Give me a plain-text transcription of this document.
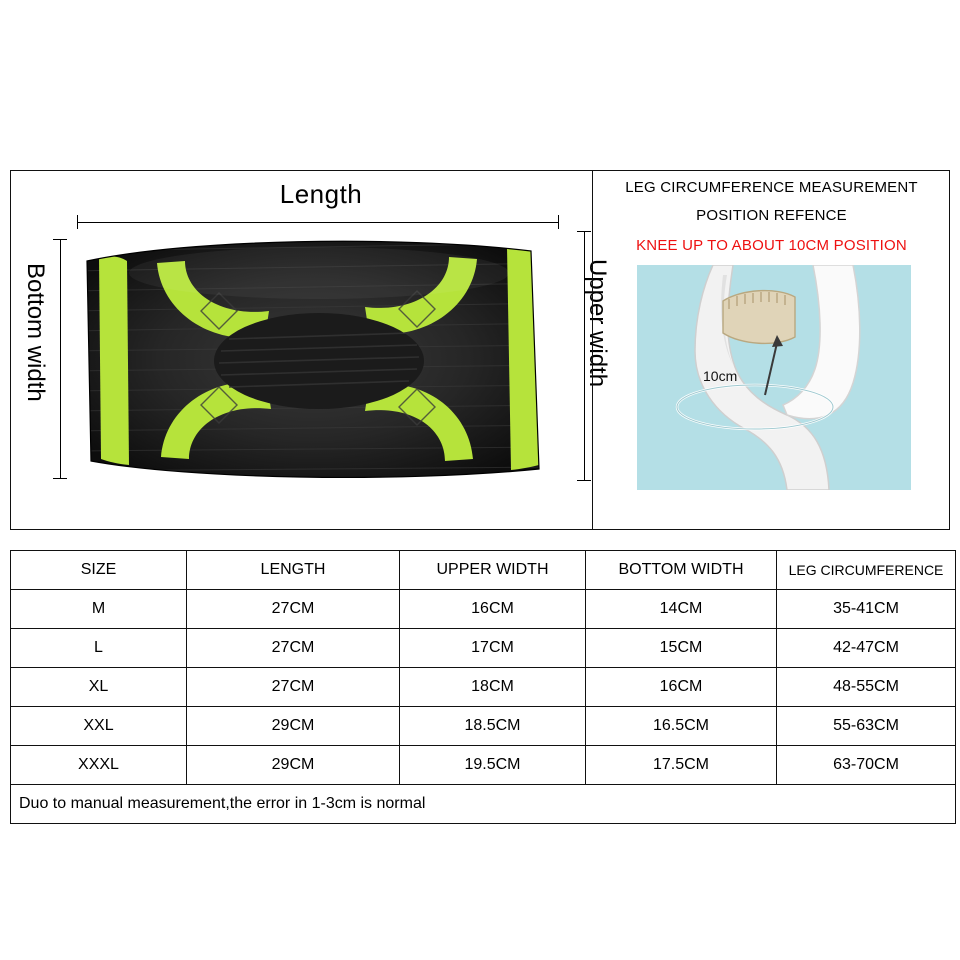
Length
Bottom width	Upper width
LEG CIRCUMFERENCE MEASUREMENT
POSITION REFENCE
KNEE UP TO ABOUT 10CM POSITION
10cm
SIZE	LENGTH	UPPER WIDTH	BOTTOM WIDTH	LEG CIRCUMFERENCE
M	27CM	16CM	14CM	35-41CM
L	27CM	17CM	15CM	42-47CM
XL	27CM	18CM	16CM	48-55CM
XXL	29CM	18.5CM	16.5CM	55-63CM
XXXL	29CM	19.5CM	17.5CM	63-70CM
Duo to manual measurement,the error in 1-3cm is normal				
